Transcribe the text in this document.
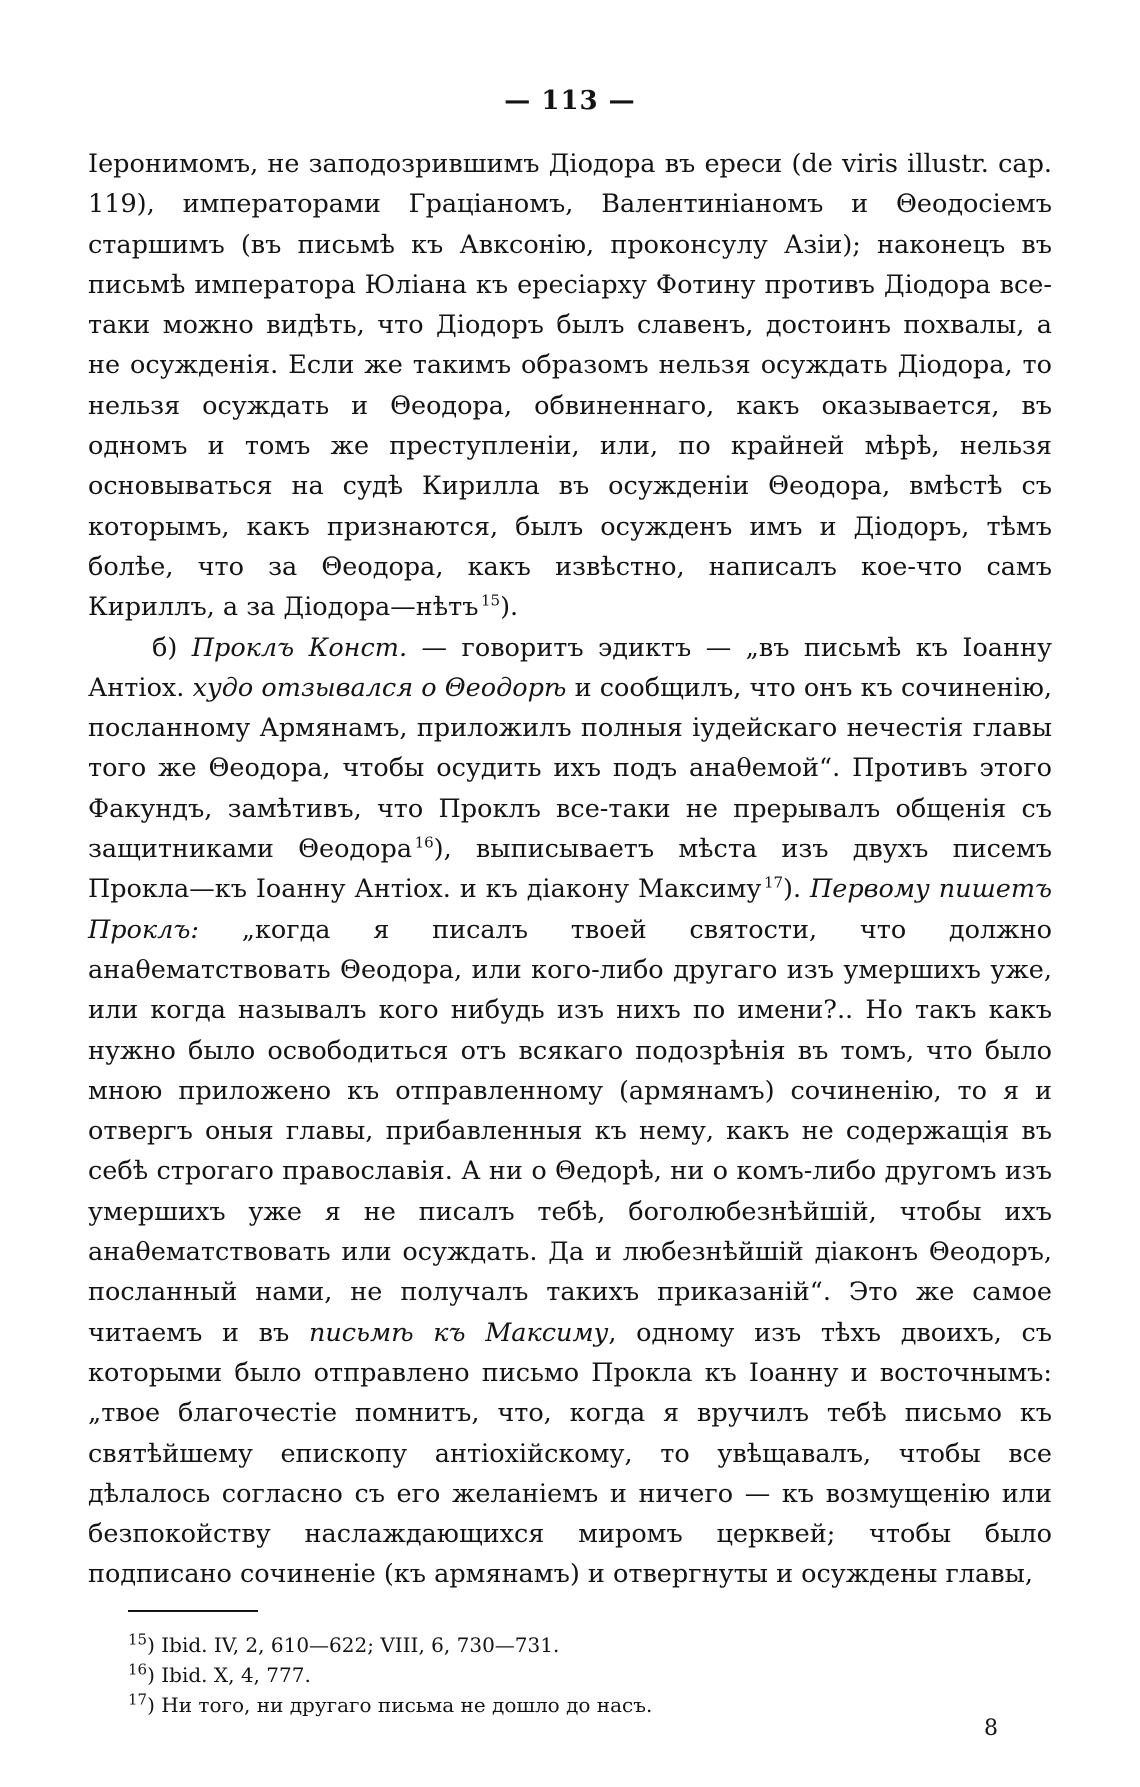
— 113 —

Іеронимомъ, не заподозрившимъ Діодора въ ереси (de viris illustr. cap. 119), императорами Граціаномъ, Валентиніаномъ и Θеодосіемъ старшимъ (въ письмѣ къ Авксонію, проконсулу Азіи); наконецъ въ письмѣ императора Юліана къ ересіарху Фотину противъ Діодора все-таки можно видѣть, что Діодоръ былъ славенъ, достоинъ похвалы, а не осужденія. Если же такимъ образомъ нельзя осуждать Діодора, то нельзя осуждать и Θеодора, обвиненнаго, какъ оказывается, въ одномъ и томъ же преступленіи, или, по крайней мѣрѣ, нельзя основываться на судѣ Кирилла въ осужденіи Θеодора, вмѣстѣ съ которымъ, какъ признаются, былъ осужденъ имъ и Діодоръ, тѣмъ болѣе, что за Θеодора, какъ извѣстно, написалъ кое-что самъ Кириллъ, а за Діодора—нѣтъ  $^{15}$).

б) Проклъ Конст. — говоритъ эдиктъ — „въ письмѣ къ Іоанну Антіох. худо отзывался о Θеодорѣ и сообщилъ, что онъ къ сочиненію, посланному Армянамъ, приложилъ полныя іудейскаго нечестія главы того же Θеодора, чтобы осудить ихъ подъ анаθемой“. Противъ этого Факундъ, замѣтивъ, что Проклъ все-таки не прерывалъ общенія съ защитниками Θеодора  $^{16}$), выписываетъ мѣста изъ двухъ писемъ Прокла—къ Іоанну Антіох. и къ діакону Максиму  $^{17}$). Первому пишетъ Проклъ: „когда я писалъ твоей святости, что должно анаθематствовать Θеодора, или кого-либо другаго изъ умершихъ уже, или когда называлъ кого нибудь изъ нихъ по имени?.. Но такъ какъ нужно было освободиться отъ всякаго подозрѣнія въ томъ, что было мною приложено къ отправленному (армянамъ) сочиненію, то я и отвергъ оныя главы, прибавленныя къ нему, какъ не содержащія въ себѣ строгаго православія. А ни о Θедорѣ, ни о комъ-либо другомъ изъ умершихъ уже я не писалъ тебѣ, боголюбезнѣйшій, чтобы ихъ анаθематствовать или осуждать. Да и любезнѣйшій діаконъ Θеодоръ, посланный нами, не получалъ такихъ приказаній“. Это же самое читаемъ и въ письмѣ къ Максиму, одному изъ тѣхъ двоихъ, съ которыми было отправлено письмо Прокла къ Іоанну и восточнымъ: „твое благочестіе помнитъ, что, когда я вручилъ тебѣ письмо къ святѣйшему епископу антіохійскому, то увѣщавалъ, чтобы все дѣлалось согласно съ его желаніемъ и ничего — къ возмущенію или безпокойству наслаждающихся миромъ церквей; чтобы было подписано сочиненіе (къ армянамъ) и отвергнуты и осуждены главы,

$^{15}$) Ibid. IV, 2, 610—622; VIII, 6, 730—731.

$^{16}$) Ibid. X, 4, 777.

$^{17}$) Ни того, ни другаго письма не дошло до насъ.

8
